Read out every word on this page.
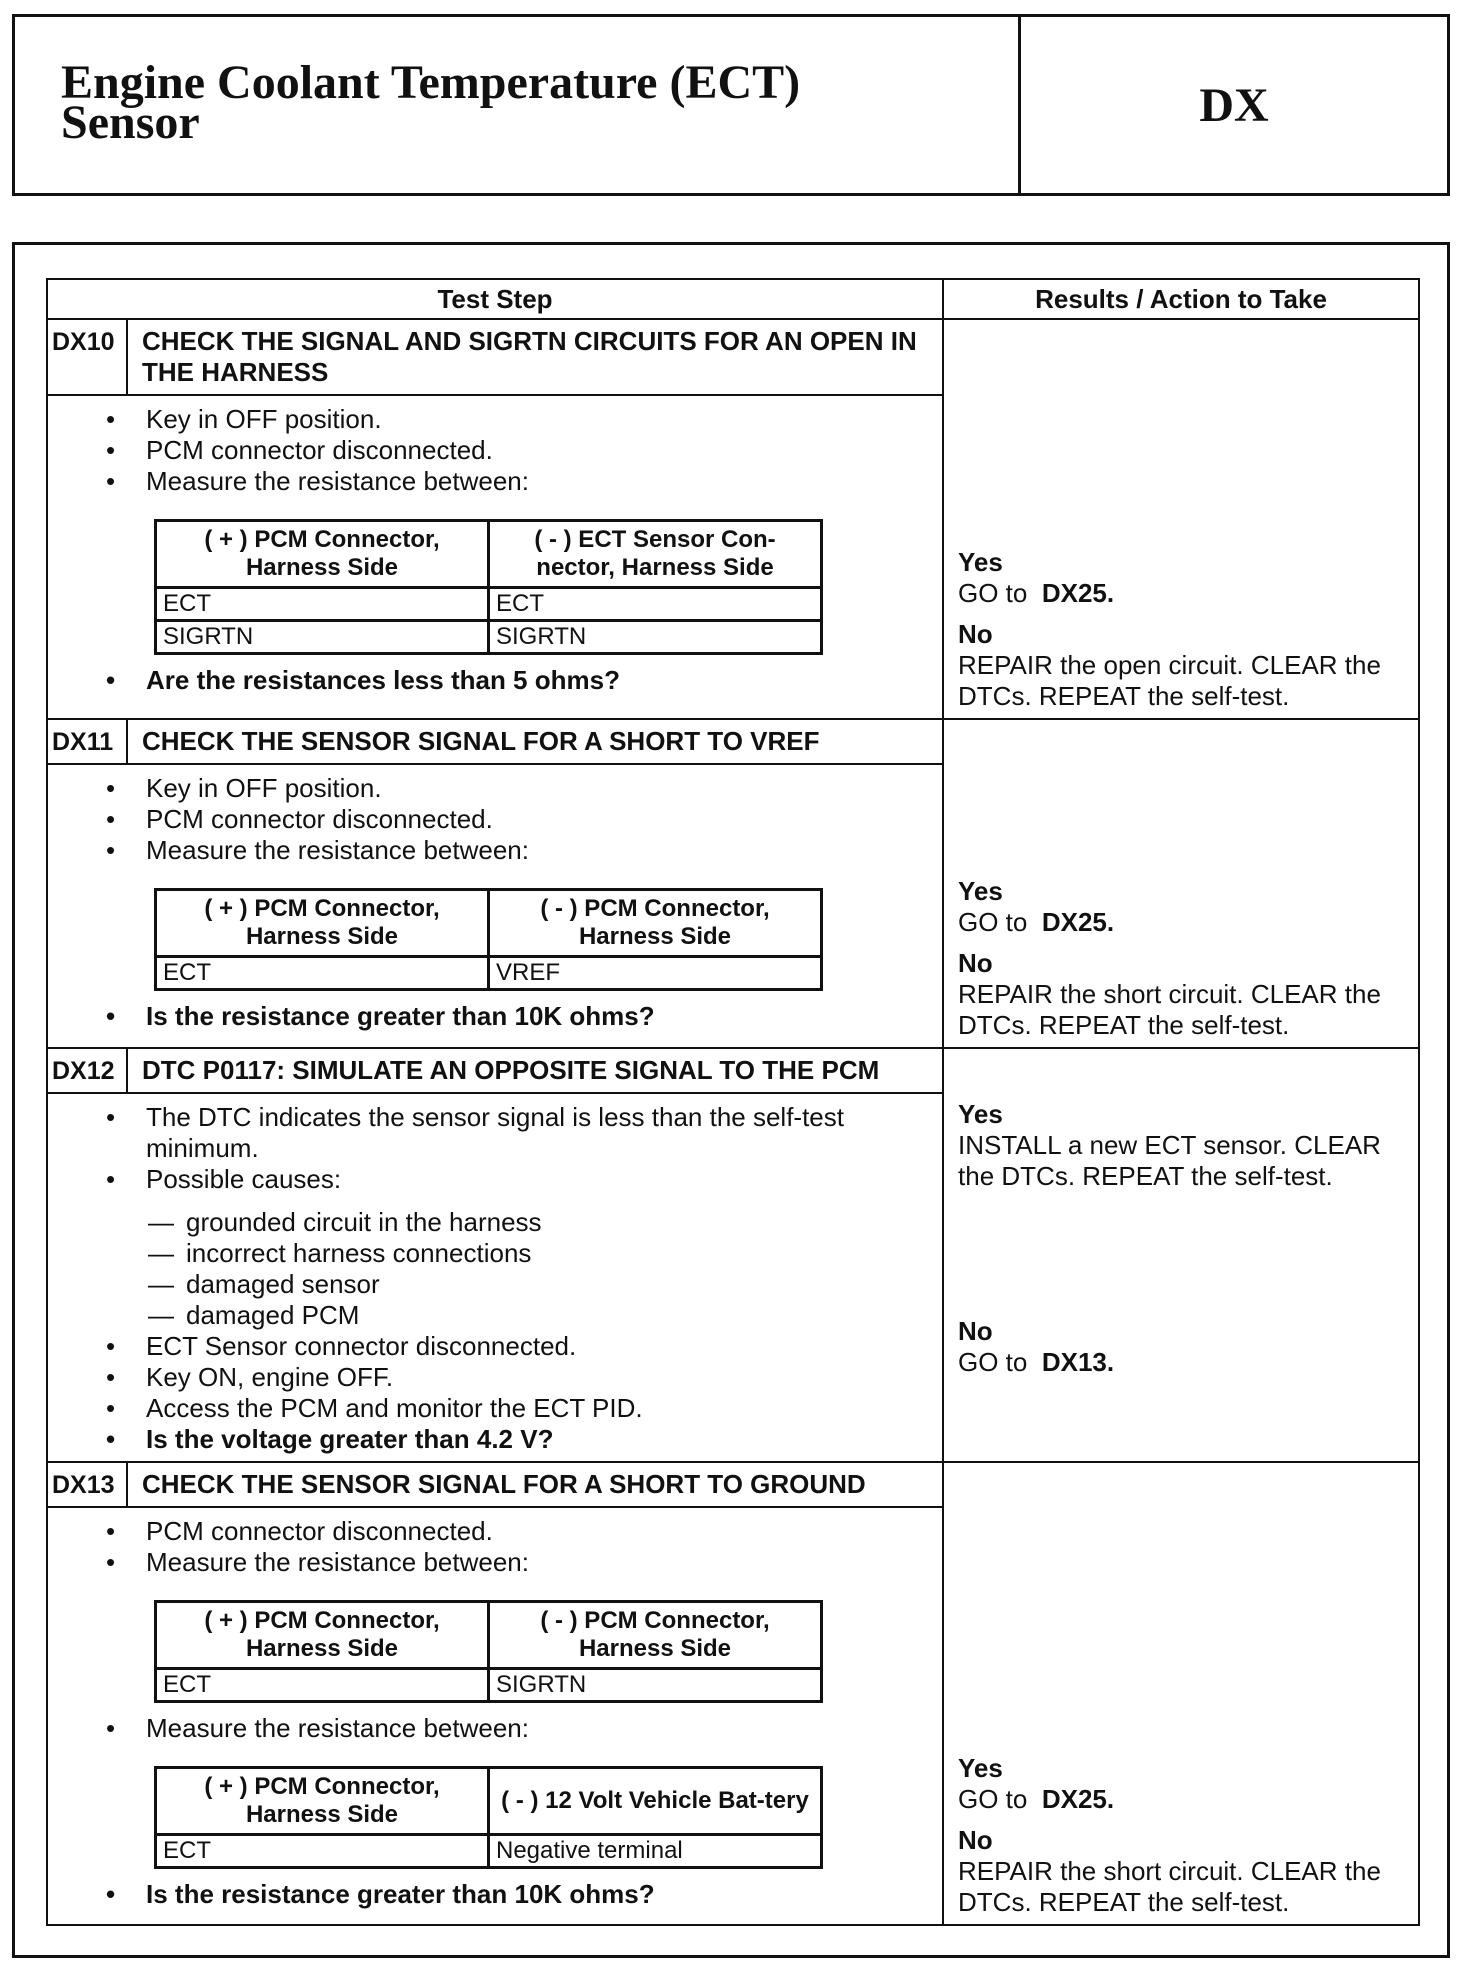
Engine Coolant Temperature (ECT)
Sensor	DX
Test Step	Results / Action to Take
DX10	CHECK THE SIGNAL AND SIGRTN CIRCUITS FOR AN OPEN IN THE HARNESS	
Yes
GO to DX25.
No
REPAIR the open circuit. CLEAR the DTCs. REPEAT the self-test.

• Key in OFF position.
• PCM connector disconnected.
• Measure the resistance between:
( + ) PCM Connector, Harness Side	( - ) ECT Sensor Con-nector, Harness Side
ECT	ECT
SIGRTN	SIGRTN
• Are the resistances less than 5 ohms?

DX11	CHECK THE SENSOR SIGNAL FOR A SHORT TO VREF	
Yes
GO to DX25.
No
REPAIR the short circuit. CLEAR the DTCs. REPEAT the self-test.

• Key in OFF position.
• PCM connector disconnected.
• Measure the resistance between:
( + ) PCM Connector, Harness Side	( - ) PCM Connector, Harness Side
ECT	VREF
• Is the resistance greater than 10K ohms?

DX12	DTC P0117: SIMULATE AN OPPOSITE SIGNAL TO THE PCM	
Yes
INSTALL a new ECT sensor. CLEAR the DTCs. REPEAT the self-test.
No
GO to DX13.

• The DTC indicates the sensor signal is less than the self-test minimum.
• Possible causes:
— grounded circuit in the harness
— incorrect harness connections
— damaged sensor
— damaged PCM
• ECT Sensor connector disconnected.
• Key ON, engine OFF.
• Access the PCM and monitor the ECT PID.
• Is the voltage greater than 4.2 V?

DX13	CHECK THE SENSOR SIGNAL FOR A SHORT TO GROUND	
Yes
GO to DX25.
No
REPAIR the short circuit. CLEAR the DTCs. REPEAT the self-test.

• PCM connector disconnected.
• Measure the resistance between:
( + ) PCM Connector, Harness Side	( - ) PCM Connector, Harness Side
ECT	SIGRTN
• Measure the resistance between:
( + ) PCM Connector, Harness Side	( - ) 12 Volt Vehicle Bat-tery
ECT	Negative terminal
• Is the resistance greater than 10K ohms?
